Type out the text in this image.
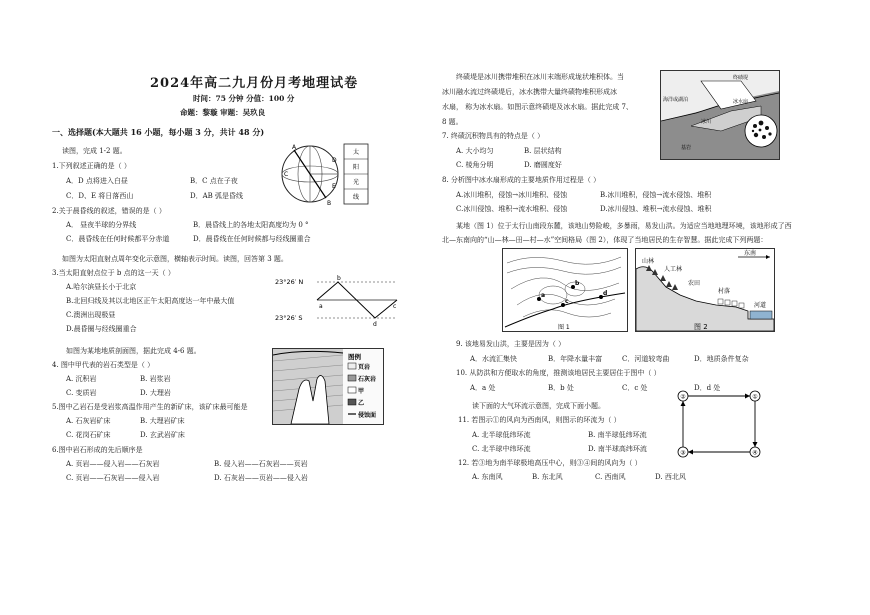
2024年高二九月份月考地理试卷
时间：75 分钟 分值：100 分
命题：黎璇 审题：吴玖良
一、选择题(本大题共 16 小题，每小题 3 分，共计 48 分)
读图，完成 1-2 题。
1.下列叙述正确的是（ ）
A．D 点将进入白昼	B．C 点在子夜
C．D、E 将日落西山	D．AB 弧是昏线
2.关于晨昏线的叙述，错误的是（ ）
A． 昼夜半球的分界线	B．晨昏线上的各地太阳高度均为 0 °
C．晨昏线在任何时候都平分赤道	D．晨昏线在任何时候都与经线圈重合
如图为太阳直射点周年变化示意图，横轴表示时间。读图，回答第 3 题。
3.当太阳直射点位于 b 点的这一天（ ）
A.哈尔滨昼长小于北京
B.北回归线及其以北地区正午太阳高度达一年中最大值
C.澳洲出现极昼
D.晨昏圈与经线圈重合
如图为某地地质剖面图，据此完成 4-6 题。
4. 图中甲代表的岩石类型是（ ）
A. 沉积岩	B. 岩浆岩
C. 变质岩	D. 大理岩
5.图中乙岩石是受岩浆高温作用产生的新矿床，该矿床最可能是
A. 石灰岩矿床	B. 大理岩矿床
C. 花岗石矿床	D. 玄武岩矿床
6.图中岩石形成的先后顺序是
A. 页岩——侵入岩——石灰岩	B. 侵入岩——石灰岩——页岩
C. 页岩——石灰岩——侵入岩	D. 石灰岩——页岩——侵入岩
太
阳
光
线
A
B
C
D
E
23°26′ N
23°26′ S
a
b
c
d
图例
页岩
石灰岩
甲
乙
侵蚀面
终碛堤是冰川携带堆积在冰川末端形成垅状堆积体。当
冰川融水流过终碛堤后，冰水携带大量终碛物堆积形成冰
水扇， 称为冰水扇。如图示意终碛堤及冰水扇。据此完成 7、
8 题。
7. 终碛沉积物具有的特点是（ ）
A. 大小均匀	B. 层状结构
C. 棱角分明	D. 磨圆度好
8. 分析图中冰水扇形成的主要地质作用过程是（ ）
A.冰川堆积，侵蚀→冰川堆积、侵蚀	B.冰川堆积，侵蚀→流水侵蚀、堆积
C.冰川侵蚀、堆积→流水堆积、侵蚀	D.冰川侵蚀、堆积→流水侵蚀、堆积
某地（图 1）位于太行山南段东麓，该地山势险峻，多暴雨，易发山洪。为适应当地地理环境，该地形成了西
北—东南向的“山—林—田—村—水”空间格局（图 2），体现了当地居民的生存智慧。据此完成下列两题：
9. 该地易发山洪，主要是因为（ ）
A．水流汇集快	B．年降水量丰富	C．河道较弯曲	D．地质条件复杂
10. 从防洪和方便取水的角度，推测该地居民主要居住于图中（ ）
A．a 处	B．b 处	C．c 处	D．d 处
读下面的大气环流示意图，完成下面小题。
11. 若图示①的风向为西南风，则图示的环流为（ ）
A. 北半球低纬环流	B. 南半球低纬环流
C. 北半球中纬环流	D. 南半球高纬环流
12. 若③地为南半球极地高压中心，则③④间的风向为（ ）
A. 东南风	B. 东北风	C. 西南风	D. 西北风
海洋或湖泊
终碛堤
冰水扇
冰川
基岩
a
b
c
d
图 1
山林
人工林
农田
村落
河道
东南
图 2
②	①
③	④
